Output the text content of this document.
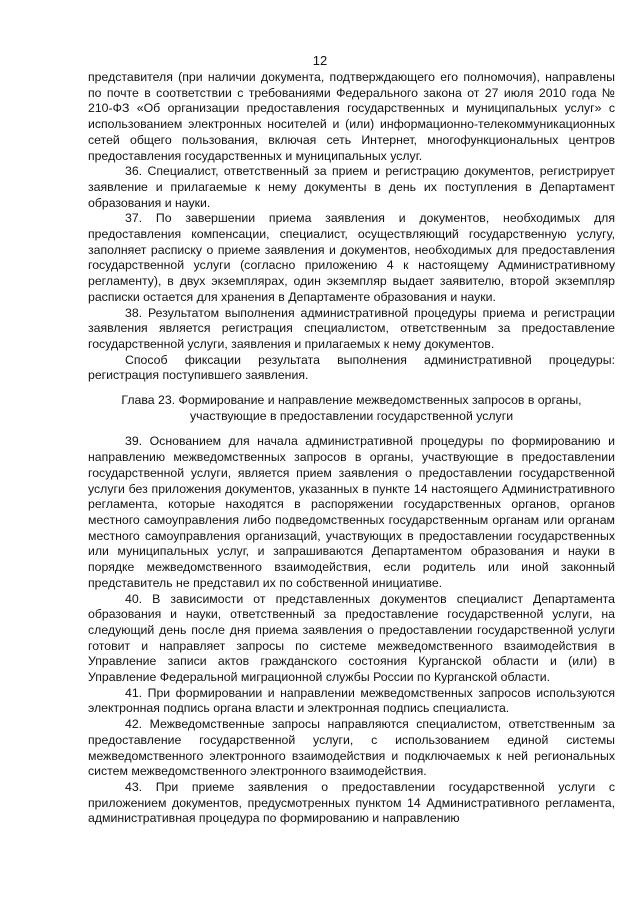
12

представителя (при наличии документа, подтверждающего его полномочия), направлены по почте в соответствии с требованиями Федерального закона от 27 июля 2010 года № 210-ФЗ «Об организации предоставления государственных и муниципальных услуг» с использованием электронных носителей и (или) информационно-телекоммуникационных сетей общего пользования, включая сеть Интернет, многофункциональных центров предоставления государственных и муниципальных услуг.

36. Специалист, ответственный за прием и регистрацию документов, регистрирует заявление и прилагаемые к нему документы в день их поступления в Департамент образования и науки.

37. По завершении приема заявления и документов, необходимых для предоставления компенсации, специалист, осуществляющий государственную услугу, заполняет расписку о приеме заявления и документов, необходимых для предоставления государственной услуги (согласно приложению 4 к настоящему Административному регламенту), в двух экземплярах, один экземпляр выдает заявителю, второй экземпляр расписки остается для хранения в Департаменте образования и науки.

38. Результатом выполнения административной процедуры приема и регистрации заявления является регистрация специалистом, ответственным за предоставление государственной услуги, заявления и прилагаемых к нему документов.

Способ фиксации результата выполнения административной процедуры: регистрация поступившего заявления.

Глава 23. Формирование и направление межведомственных запросов в органы,
участвующие в предоставлении государственной услуги

39. Основанием для начала административной процедуры по формированию и направлению межведомственных запросов в органы, участвующие в предоставлении государственной услуги, является прием заявления о предоставлении государственной услуги без приложения документов, указанных в пункте 14 настоящего Административного регламента, которые находятся в распоряжении государственных органов, органов местного самоуправления либо подведомственных государственным органам или органам местного самоуправления организаций, участвующих в предоставлении государственных или муниципальных услуг, и запрашиваются Департаментом образования и науки в порядке межведомственного взаимодействия, если родитель или иной законный представитель не представил их по собственной инициативе.

40. В зависимости от представленных документов специалист Департамента образования и науки, ответственный за предоставление государственной услуги, на следующий день после дня приема заявления о предоставлении государственной услуги готовит и направляет запросы по системе межведомственного взаимодействия в Управление записи актов гражданского состояния Курганской области и (или) в Управление Федеральной миграционной службы России по Курганской области.

41. При формировании и направлении межведомственных запросов используются электронная подпись органа власти и электронная подпись специалиста.

42. Межведомственные запросы направляются специалистом, ответственным за предоставление государственной услуги, с использованием единой системы межведомственного электронного взаимодействия и подключаемых к ней региональных систем межведомственного электронного взаимодействия.

43. При приеме заявления о предоставлении государственной услуги с приложением документов, предусмотренных пунктом 14 Административного регламента, административная процедура по формированию и направлению
